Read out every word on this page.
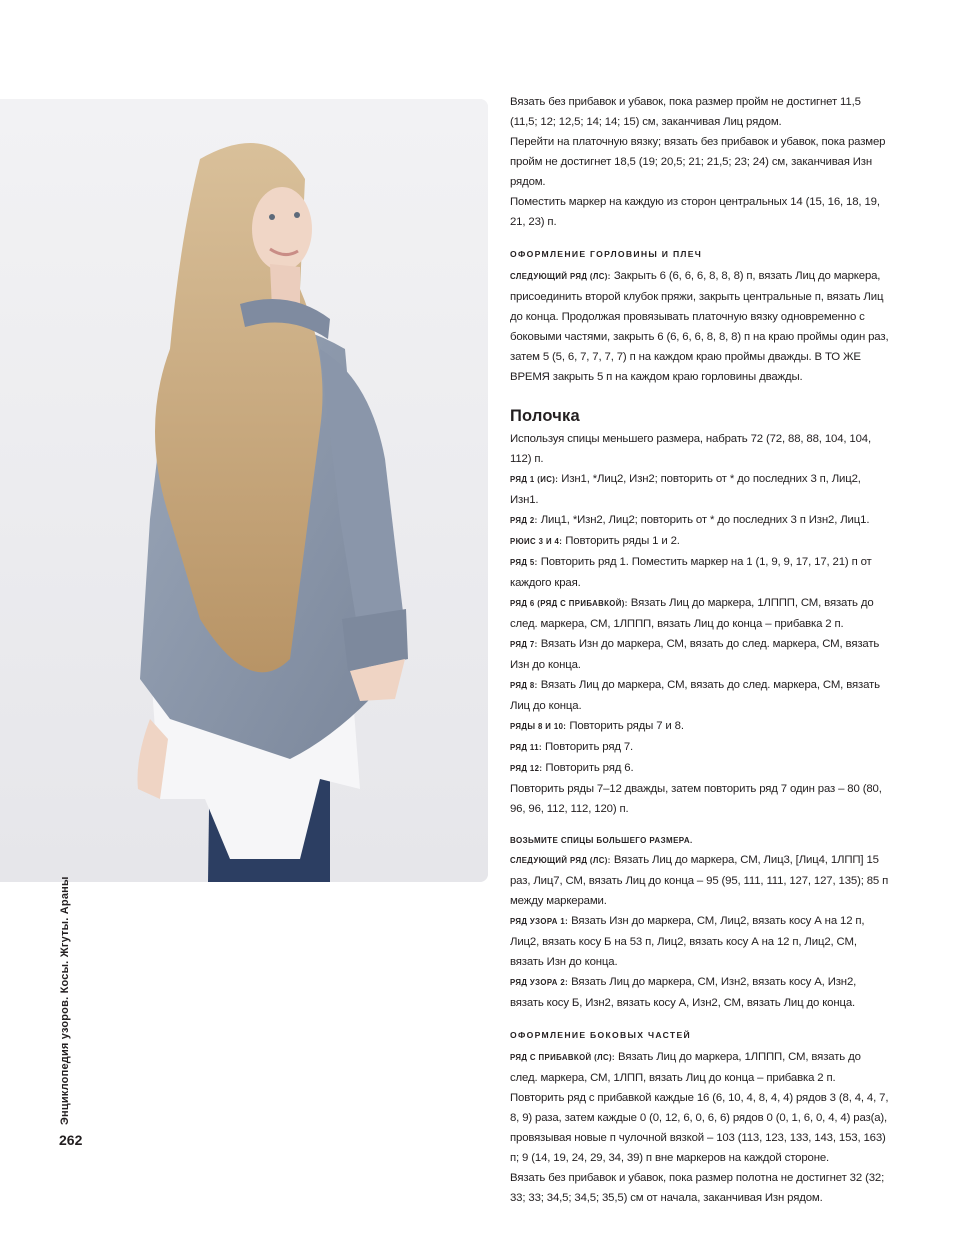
Энциклопедия узоров. Косы. Жгуты. Араны
262

Вязать без прибавок и убавок, пока размер пройм не достигнет 11,5 (11,5; 12; 12,5; 14; 14; 15) см, заканчивая Лиц рядом.

Перейти на платочную вязку; вязать без прибавок и убавок, пока размер пройм не достигнет 18,5 (19; 20,5; 21; 21,5; 23; 24) см, заканчивая Изн рядом.

Поместить маркер на каждую из сторон центральных 14 (15, 16, 18, 19, 21, 23) п.

ОФОРМЛЕНИЕ ГОРЛОВИНЫ И ПЛЕЧ

СЛЕДУЮЩИЙ РЯД (ЛС): Закрыть 6 (6, 6, 6, 8, 8, 8) п, вязать Лиц до маркера, присоединить второй клубок пряжи, закрыть центральные п, вязать Лиц до конца. Продолжая провязывать платочную вязку одновременно с боковыми частями, закрыть 6 (6, 6, 6, 8, 8, 8) п на краю проймы один раз, затем 5 (5, 6, 7, 7, 7, 7) п на каждом краю проймы дважды. В ТО ЖЕ ВРЕМЯ закрыть 5 п на каждом краю горловины дважды.

Полочка

Используя спицы меньшего размера, набрать 72 (72, 88, 88, 104, 104, 112) п.

РЯД 1 (ИС): Изн1, *Лиц2, Изн2; повторить от * до последних 3 п, Лиц2, Изн1.

РЯД 2: Лиц1, *Изн2, Лиц2; повторить от * до последних 3 п Изн2, Лиц1.

РЮИС 3 И 4: Повторить ряды 1 и 2.

РЯД 5: Повторить ряд 1. Поместить маркер на 1 (1, 9, 9, 17, 17, 21) п от каждого края.

РЯД 6 (РЯД С ПРИБАВКОЙ): Вязать Лиц до маркера, 1ЛППП, СМ, вязать до след. маркера, СМ, 1ЛППП, вязать Лиц до конца – прибавка 2 п.

РЯД 7: Вязать Изн до маркера, СМ, вязать до след. маркера, СМ, вязать Изн до конца.

РЯД 8: Вязать Лиц до маркера, СМ, вязать до след. маркера, СМ, вязать Лиц до конца.

РЯДЫ 8 И 10: Повторить ряды 7 и 8.

РЯД 11: Повторить ряд 7.

РЯД 12: Повторить ряд 6.

Повторить ряды 7–12 дважды, затем повторить ряд 7 один раз – 80 (80, 96, 96, 112, 112, 120) п.

ВОЗЬМИТЕ СПИЦЫ БОЛЬШЕГО РАЗМЕРА.

СЛЕДУЮЩИЙ РЯД (ЛС): Вязать Лиц до маркера, СМ, Лиц3, [Лиц4, 1ЛПП] 15 раз, Лиц7, СМ, вязать Лиц до конца – 95 (95, 111, 111, 127, 127, 135); 85 п между маркерами.

РЯД УЗОРА 1: Вязать Изн до маркера, СМ, Лиц2, вязать косу А на 12 п, Лиц2, вязать косу Б на 53 п, Лиц2, вязать косу А на 12 п, Лиц2, СМ, вязать Изн до конца.

РЯД УЗОРА 2: Вязать Лиц до маркера, СМ, Изн2, вязать косу А, Изн2, вязать косу Б, Изн2, вязать косу А, Изн2, СМ, вязать Лиц до конца.

ОФОРМЛЕНИЕ БОКОВЫХ ЧАСТЕЙ

РЯД С ПРИБАВКОЙ (ЛС): Вязать Лиц до маркера, 1ЛППП, СМ, вязать до след. маркера, СМ, 1ЛПП, вязать Лиц до конца – прибавка 2 п.

Повторить ряд с прибавкой каждые 16 (6, 10, 4, 8, 4, 4) рядов 3 (8, 4, 4, 7, 8, 9) раза, затем каждые 0 (0, 12, 6, 0, 6, 6) рядов 0 (0, 1, 6, 0, 4, 4) раз(а), провязывая новые п чулочной вязкой – 103 (113, 123, 133, 143, 153, 163) п; 9 (14, 19, 24, 29, 34, 39) п вне маркеров на каждой стороне.

Вязать без прибавок и убавок, пока размер полотна не достигнет 32 (32; 33; 33; 34,5; 34,5; 35,5) см от начала, заканчивая Изн рядом.
